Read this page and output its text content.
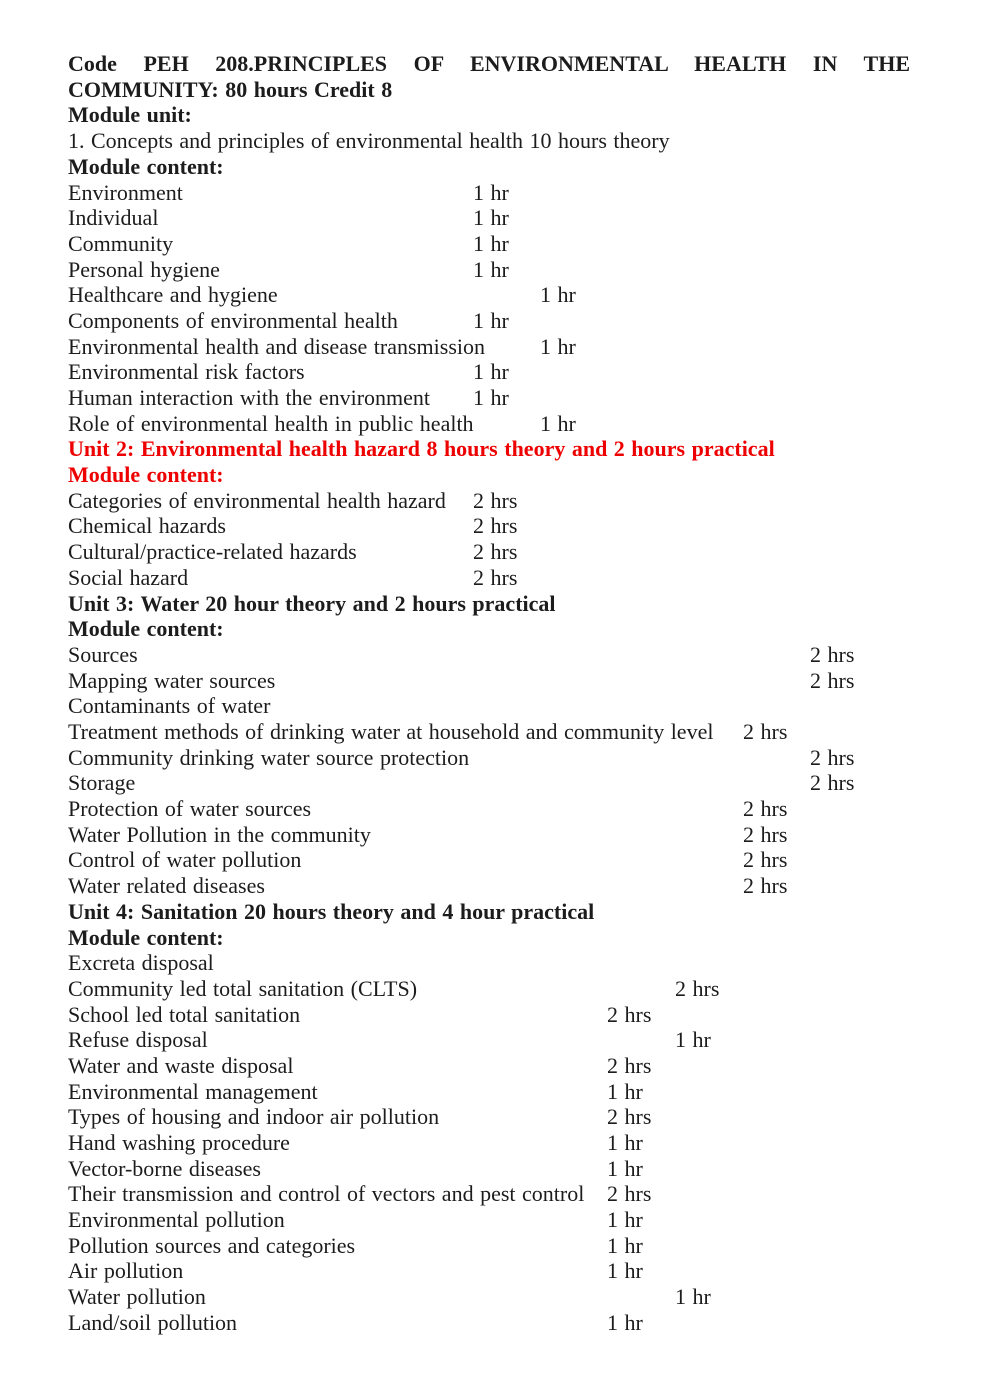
Code PEH 208.PRINCIPLES OF ENVIRONMENTAL HEALTH IN THE
COMMUNITY: 80 hours Credit 8
Module unit:
1. Concepts and principles of environmental health 10 hours theory
Module content:
Environment	1 hr
Individual	1 hr
Community	1 hr
Personal hygiene	1 hr
Healthcare and hygiene	1 hr
Components of environmental health	1 hr
Environmental health and disease transmission 1 hr
Environmental risk factors	1 hr
Human interaction with the environment 1 hr
Role of environmental health in public health	1 hr
Unit 2: Environmental health hazard 8 hours theory and 2 hours practical
Module content:
Categories of environmental health hazard 2 hrs
Chemical hazards	2 hrs
Cultural/practice-related hazards	2 hrs
Social hazard	2 hrs
Unit 3: Water 20 hour theory and 2 hours practical
Module content:
Sources	2 hrs
Mapping water sources	2 hrs
Contaminants of water
Treatment methods of drinking water at household and community level 2 hrs
Community drinking water source protection	2 hrs
Storage	2 hrs
Protection of water sources	2 hrs
Water Pollution in the community	2 hrs
Control of water pollution	2 hrs
Water related diseases	2 hrs
Unit 4: Sanitation 20 hours theory and 4 hour practical
Module content:
Excreta disposal
Community led total sanitation (CLTS)	2 hrs
School led total sanitation	2 hrs
Refuse disposal	1 hr
Water and waste disposal	2 hrs
Environmental management	1 hr
Types of housing and indoor air pollution	2 hrs
Hand washing procedure	1 hr
Vector-borne diseases	1 hr
Their transmission and control of vectors and pest control 2 hrs
Environmental pollution	1 hr
Pollution sources and categories	1 hr
Air pollution	1 hr
Water pollution	1 hr
Land/soil pollution	1 hr
